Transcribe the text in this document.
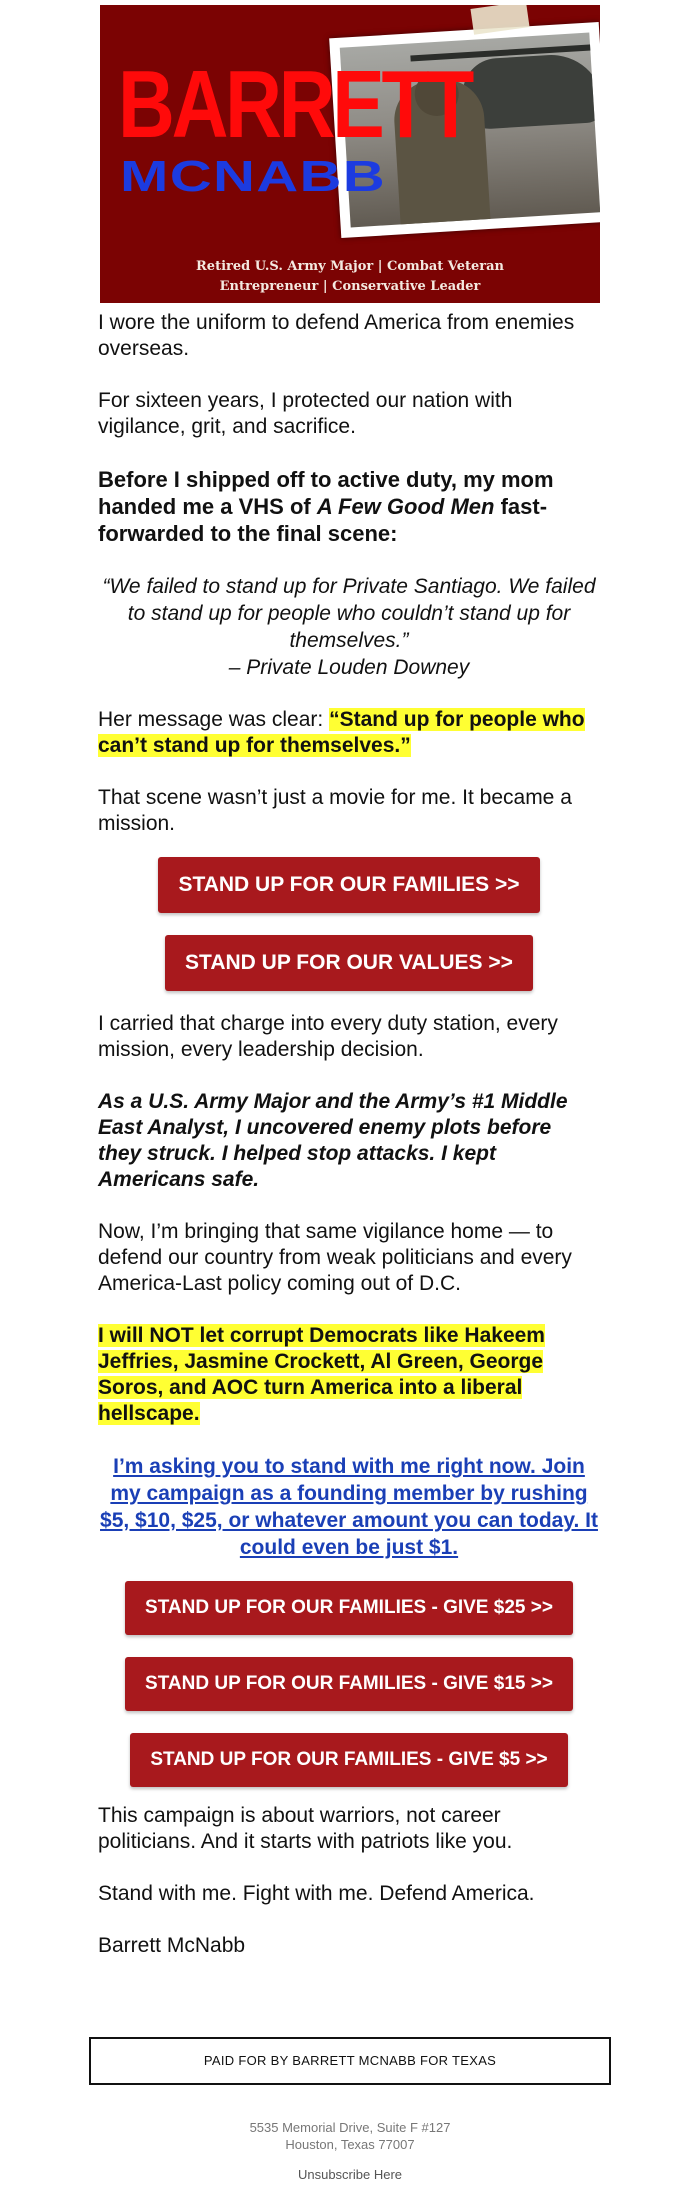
BARRETT
MCNABB
Retired U.S. Army Major | Combat Veteran
Entrepreneur | Conservative Leader

I wore the uniform to defend America from enemies overseas.

For sixteen years, I protected our nation with vigilance, grit, and sacrifice.

Before I shipped off to active duty, my mom handed me a VHS of A Few Good Men fast-forwarded to the final scene:

“We failed to stand up for Private Santiago. We failed to stand up for people who couldn’t stand up for themselves.”
– Private Louden Downey

Her message was clear: “Stand up for people who can’t stand up for themselves.”

That scene wasn’t just a movie for me. It became a mission.

STAND UP FOR OUR FAMILIES >>
STAND UP FOR OUR VALUES >>

I carried that charge into every duty station, every mission, every leadership decision.

As a U.S. Army Major and the Army’s #1 Middle East Analyst, I uncovered enemy plots before they struck. I helped stop attacks. I kept Americans safe.

Now, I’m bringing that same vigilance home — to defend our country from weak politicians and every America-Last policy coming out of D.C.

I will NOT let corrupt Democrats like Hakeem Jeffries, Jasmine Crockett, Al Green, George Soros, and AOC turn America into a liberal hellscape.

I’m asking you to stand with me right now. Join my campaign as a founding member by rushing $5, $10, $25, or whatever amount you can today. It could even be just $1.

STAND UP FOR OUR FAMILIES - GIVE $25 >>
STAND UP FOR OUR FAMILIES - GIVE $15 >>
STAND UP FOR OUR FAMILIES - GIVE $5 >>

This campaign is about warriors, not career politicians. And it starts with patriots like you.

Stand with me. Fight with me. Defend America.

Barrett McNabb

PAID FOR BY BARRETT MCNABB FOR TEXAS
5535 Memorial Drive, Suite F #127
Houston, Texas 77007
Unsubscribe Here
